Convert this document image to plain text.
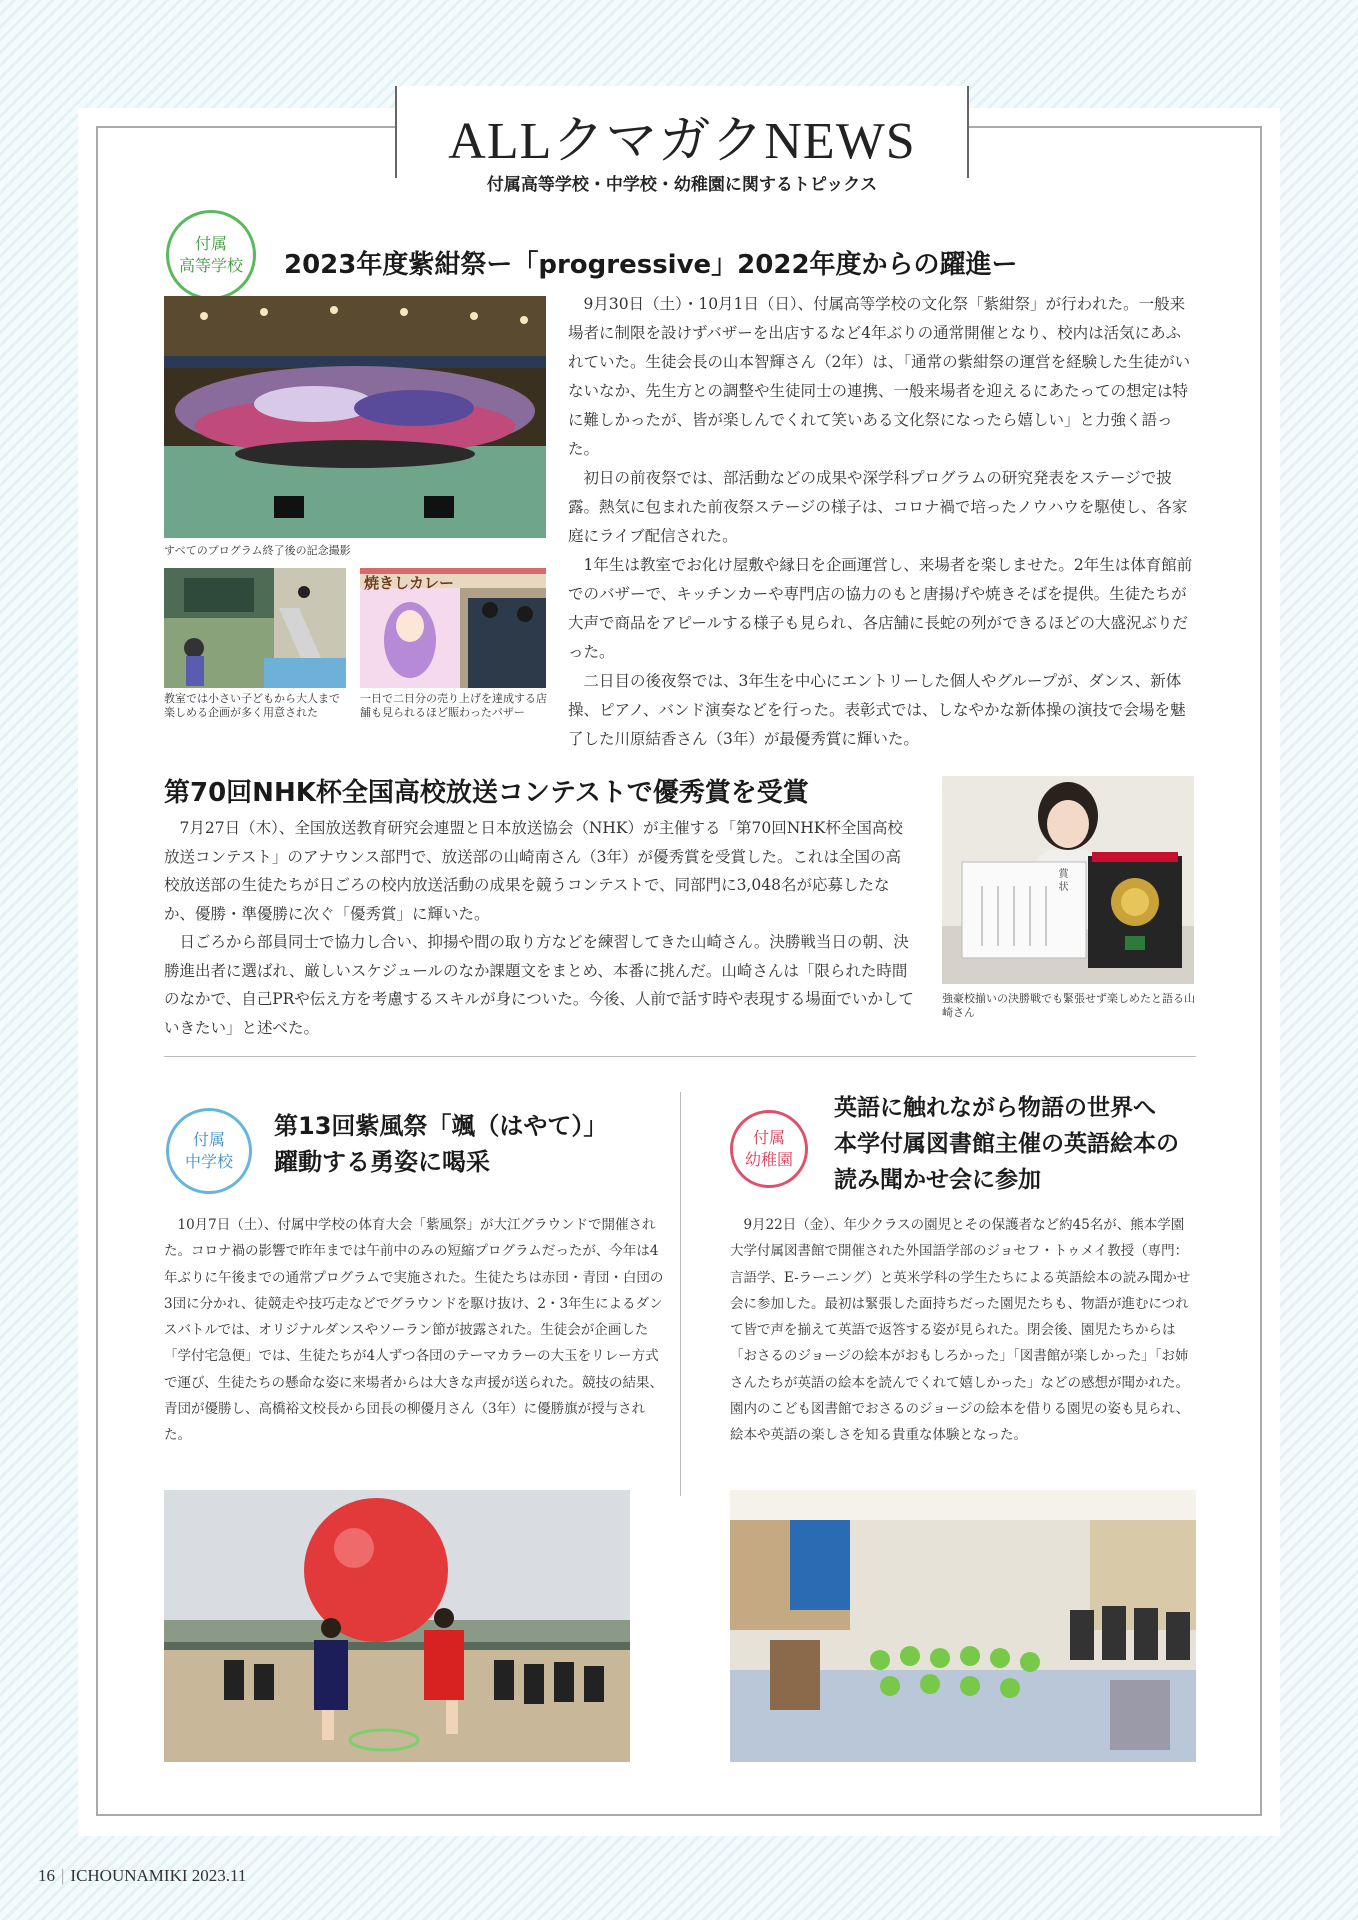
ALLクマガクNEWS
付属高等学校・中学校・幼稚園に関するトピックス
付属
高等学校 2023年度紫紺祭ー「progressive」2022年度からの躍進ー
すべてのプログラム終了後の記念撮影
焼きしカレー
教室では小さい子どもから大人まで楽しめる企画が多く用意された
一日で二日分の売り上げを達成する店舗も見られるほど賑わったバザー

9月30日（土）・10月1日（日）、付属高等学校の文化祭「紫紺祭」が行われた。一般来場者に制限を設けずバザーを出店するなど4年ぶりの通常開催となり、校内は活気にあふれていた。生徒会長の山本智輝さん（2年）は、「通常の紫紺祭の運営を経験した生徒がいないなか、先生方との調整や生徒同士の連携、一般来場者を迎えるにあたっての想定は特に難しかったが、皆が楽しんでくれて笑いある文化祭になったら嬉しい」と力強く語った。

初日の前夜祭では、部活動などの成果や深学科プログラムの研究発表をステージで披露。熱気に包まれた前夜祭ステージの様子は、コロナ禍で培ったノウハウを駆使し、各家庭にライブ配信された。

1年生は教室でお化け屋敷や縁日を企画運営し、来場者を楽しませた。2年生は体育館前でのバザーで、キッチンカーや専門店の協力のもと唐揚げや焼きそばを提供。生徒たちが大声で商品をアピールする様子も見られ、各店舗に長蛇の列ができるほどの大盛況ぶりだった。

二日目の後夜祭では、3年生を中心にエントリーした個人やグループが、ダンス、新体操、ピアノ、バンド演奏などを行った。表彰式では、しなやかな新体操の演技で会場を魅了した川原結香さん（3年）が最優秀賞に輝いた。

第70回NHK杯全国高校放送コンテストで優秀賞を受賞

7月27日（木）、全国放送教育研究会連盟と日本放送協会（NHK）が主催する「第70回NHK杯全国高校放送コンテスト」のアナウンス部門で、放送部の山崎南さん（3年）が優秀賞を受賞した。これは全国の高校放送部の生徒たちが日ごろの校内放送活動の成果を競うコンテストで、同部門に3,048名が応募したなか、優勝・準優勝に次ぐ「優秀賞」に輝いた。

日ごろから部員同士で協力し合い、抑揚や間の取り方などを練習してきた山崎さん。決勝戦当日の朝、決勝進出者に選ばれ、厳しいスケジュールのなか課題文をまとめ、本番に挑んだ。山崎さんは「限られた時間のなかで、自己PRや伝え方を考慮するスキルが身についた。今後、人前で話す時や表現する場面でいかしていきたい」と述べた。

賞 状
強豪校揃いの決勝戦でも緊張せず楽しめたと語る山崎さん
付属
中学校
第13回紫風祭「颯（はやて）」
躍動する勇姿に喝采

10月7日（土）、付属中学校の体育大会「紫風祭」が大江グラウンドで開催された。コロナ禍の影響で昨年までは午前中のみの短縮プログラムだったが、今年は4年ぶりに午後までの通常プログラムで実施された。生徒たちは赤団・青団・白団の3団に分かれ、徒競走や技巧走などでグラウンドを駆け抜け、2・3年生によるダンスバトルでは、オリジナルダンスやソーラン節が披露された。生徒会が企画した「学付宅急便」では、生徒たちが4人ずつ各団のテーマカラーの大玉をリレー方式で運び、生徒たちの懸命な姿に来場者からは大きな声援が送られた。競技の結果、青団が優勝し、高橋裕文校長から団長の柳優月さん（3年）に優勝旗が授与された。

付属
幼稚園
英語に触れながら物語の世界へ
本学付属図書館主催の英語絵本の
読み聞かせ会に参加

9月22日（金）、年少クラスの園児とその保護者など約45名が、熊本学園大学付属図書館で開催された外国語学部のジョセフ・トゥメイ教授（専門：言語学、E-ラーニング）と英米学科の学生たちによる英語絵本の読み聞かせ会に参加した。最初は緊張した面持ちだった園児たちも、物語が進むにつれて皆で声を揃えて英語で返答する姿が見られた。閉会後、園児たちからは「おさるのジョージの絵本がおもしろかった」「図書館が楽しかった」「お姉さんたちが英語の絵本を読んでくれて嬉しかった」などの感想が聞かれた。園内のこども図書館でおさるのジョージの絵本を借りる園児の姿も見られ、絵本や英語の楽しさを知る貴重な体験となった。

16 | ICHOUNAMIKI 2023.11
